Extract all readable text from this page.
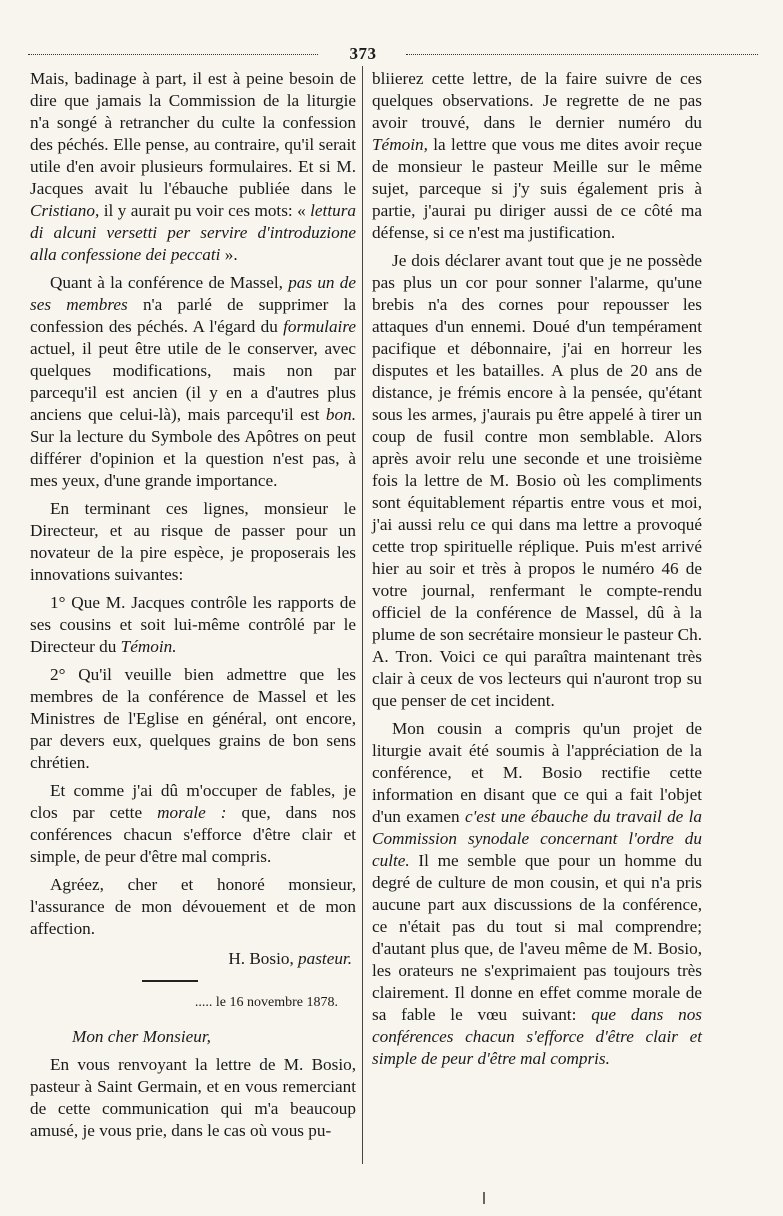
373

Mais, badinage à part, il est à peine besoin de dire que jamais la Commission de la liturgie n'a songé à retrancher du culte la confession des péchés. Elle pense, au contraire, qu'il serait utile d'en avoir plusieurs formulaires. Et si M. Jacques avait lu l'ébauche publiée dans le Cristiano, il y aurait pu voir ces mots: « lettura di alcuni versetti per servire d'introduzione alla confessione dei peccati ».

Quant à la conférence de Massel, pas un de ses membres n'a parlé de supprimer la confession des péchés. A l'égard du formulaire actuel, il peut être utile de le conserver, avec quelques modifications, mais non par parcequ'il est ancien (il y en a d'autres plus anciens que celui-là), mais parcequ'il est bon. Sur la lecture du Symbole des Apôtres on peut différer d'opinion et la question n'est pas, à mes yeux, d'une grande importance.

En terminant ces lignes, monsieur le Directeur, et au risque de passer pour un novateur de la pire espèce, je proposerais les innovations suivantes:

1° Que M. Jacques contrôle les rapports de ses cousins et soit lui-même contrôlé par le Directeur du Témoin.

2° Qu'il veuille bien admettre que les membres de la conférence de Massel et les Ministres de l'Eglise en général, ont encore, par devers eux, quelques grains de bon sens chrétien.

Et comme j'ai dû m'occuper de fables, je clos par cette morale : que, dans nos conférences chacun s'efforce d'être clair et simple, de peur d'être mal compris.

Agréez, cher et honoré monsieur, l'assurance de mon dévouement et de mon affection.

H. Bosio, pasteur.
..... le 16 novembre 1878.
Mon cher Monsieur,

En vous renvoyant la lettre de M. Bosio, pasteur à Saint Germain, et en vous remerciant de cette communication qui m'a beaucoup amusé, je vous prie, dans le cas où vous pu-

bliierez cette lettre, de la faire suivre de ces quelques observations. Je regrette de ne pas avoir trouvé, dans le dernier numéro du Témoin, la lettre que vous me dites avoir reçue de monsieur le pasteur Meille sur le même sujet, parceque si j'y suis également pris à partie, j'aurai pu diriger aussi de ce côté ma défense, si ce n'est ma justification.

Je dois déclarer avant tout que je ne possède pas plus un cor pour sonner l'alarme, qu'une brebis n'a des cornes pour repousser les attaques d'un ennemi. Doué d'un tempérament pacifique et débonnaire, j'ai en horreur les disputes et les batailles. A plus de 20 ans de distance, je frémis encore à la pensée, qu'étant sous les armes, j'aurais pu être appelé à tirer un coup de fusil contre mon semblable. Alors après avoir relu une seconde et une troisième fois la lettre de M. Bosio où les compliments sont équitablement répartis entre vous et moi, j'ai aussi relu ce qui dans ma lettre a provoqué cette trop spirituelle réplique. Puis m'est arrivé hier au soir et très à propos le numéro 46 de votre journal, renfermant le compte-rendu officiel de la conférence de Massel, dû à la plume de son secrétaire monsieur le pasteur Ch. A. Tron. Voici ce qui paraîtra maintenant très clair à ceux de vos lecteurs qui n'auront trop su que penser de cet incident.

Mon cousin a compris qu'un projet de liturgie avait été soumis à l'appréciation de la conférence, et M. Bosio rectifie cette information en disant que ce qui a fait l'objet d'un examen c'est une ébauche du travail de la Commission synodale concernant l'ordre du culte. Il me semble que pour un homme du degré de culture de mon cousin, et qui n'a pris aucune part aux discussions de la conférence, ce n'était pas du tout si mal comprendre; d'autant plus que, de l'aveu même de M. Bosio, les orateurs ne s'exprimaient pas toujours très clairement. Il donne en effet comme morale de sa fable le vœu suivant: que dans nos conférences chacun s'efforce d'être clair et simple de peur d'être mal compris.
